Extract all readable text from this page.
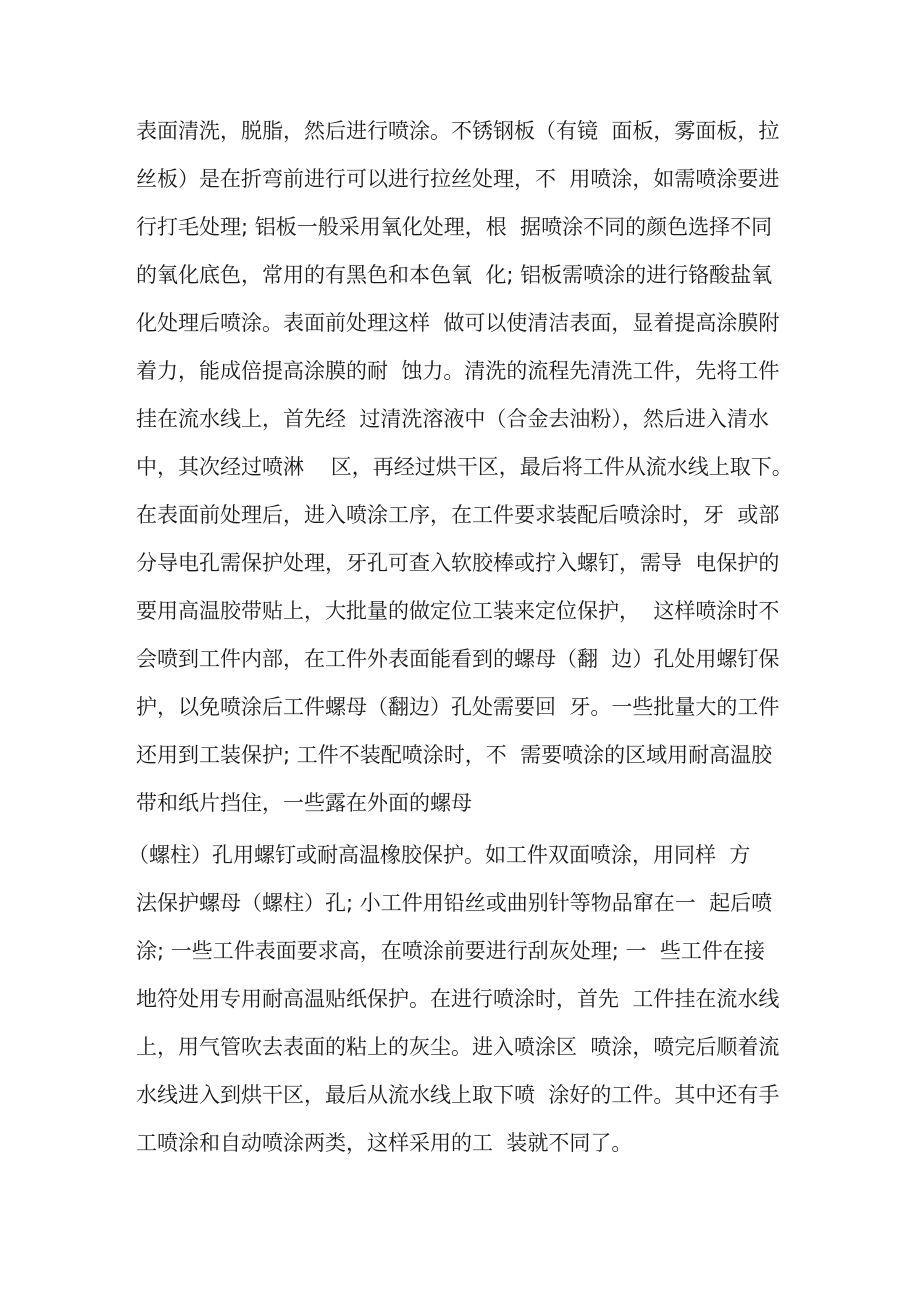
表面清洗，脱脂，然后进行喷涂。不锈钢板（有镜  面板，雾面板，拉
丝板）是在折弯前进行可以进行拉丝处理，不  用喷涂，如需喷涂要进
行打毛处理; 铝板一般采用氧化处理，根  据喷涂不同的颜色选择不同
的氧化底色，常用的有黑色和本色氧  化; 铝板需喷涂的进行铬酸盐氧
化处理后喷涂。表面前处理这样  做可以使清洁表面，显着提高涂膜附
着力，能成倍提高涂膜的耐  蚀力。清洗的流程先清洗工件，先将工件
挂在流水线上，首先经  过清洗溶液中（合金去油粉），然后进入清水
中，其次经过喷淋    区，再经过烘干区，最后将工件从流水线上取下。
在表面前处理后，进入喷涂工序，在工件要求装配后喷涂时，牙  或部
分导电孔需保护处理，牙孔可查入软胶棒或拧入螺钉，需导  电保护的
要用高温胶带贴上，大批量的做定位工装来定位保护，  这样喷涂时不
会喷到工件内部，在工件外表面能看到的螺母（翻  边）孔处用螺钉保
护，以免喷涂后工件螺母（翻边）孔处需要回  牙。一些批量大的工件
还用到工装保护; 工件不装配喷涂时，不  需要喷涂的区域用耐高温胶
带和纸片挡住，一些露在外面的螺母
（螺柱）孔用螺钉或耐高温橡胶保护。如工件双面喷涂，用同样  方
法保护螺母（螺柱）孔; 小工件用铅丝或曲别针等物品窜在一  起后喷
涂; 一些工件表面要求高，在喷涂前要进行刮灰处理; 一  些工件在接
地符处用专用耐高温贴纸保护。在进行喷涂时，首先  工件挂在流水线
上，用气管吹去表面的粘上的灰尘。进入喷涂区  喷涂，喷完后顺着流
水线进入到烘干区，最后从流水线上取下喷  涂好的工件。其中还有手
工喷涂和自动喷涂两类，这样采用的工  装就不同了。
